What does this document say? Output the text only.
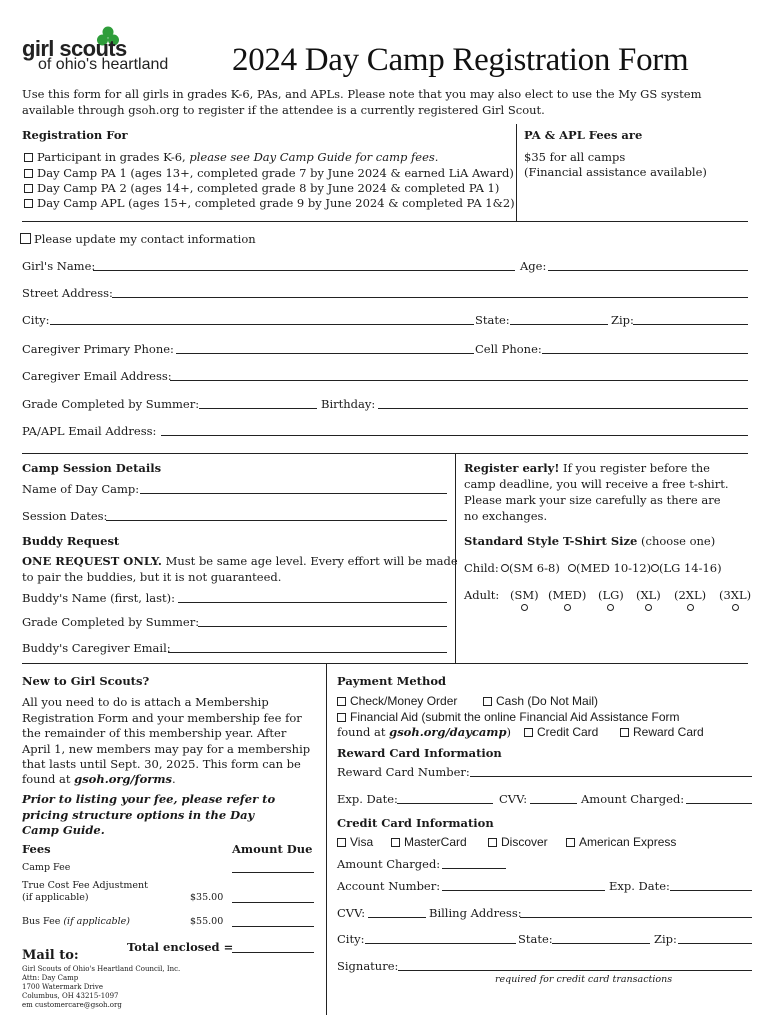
girl scouts
of ohio's heartland 2024 Day Camp Registration Form
Use this form for all girls in grades K-6, PAs, and APLs. Please note that you may also elect to use the My GS system available through gsoh.org to register if the attendee is a currently registered Girl Scout.
Registration For
Participant in grades K-6, please see Day Camp Guide for camp fees.
Day Camp PA 1 (ages 13+, completed grade 7 by June 2024 & earned LiA Award)
Day Camp PA 2 (ages 14+, completed grade 8 by June 2024 & completed PA 1)
Day Camp APL (ages 15+, completed grade 9 by June 2024 & completed PA 1&2)
PA & APL Fees are
$35 for all camps
(Financial assistance available)
Please update my contact information
Girl's Name:	Age:
Street Address:
City:	State:	Zip:
Caregiver Primary Phone:	Cell Phone:
Caregiver Email Address:
Grade Completed by Summer:	Birthday:
PA/APL Email Address:
Camp Session Details
Name of Day Camp:
Session Dates:
Buddy Request
ONE REQUEST ONLY. Must be same age level. Every effort will be made
to pair the buddies, but it is not guaranteed.
Buddy's Name (first, last):
Grade Completed by Summer:
Buddy's Caregiver Email:
Register early! If you register before the
camp deadline, you will receive a free t-shirt.
Please mark your size carefully as there are
no exchanges.
Standard Style T-Shirt Size (choose one)
Child: (SM 6-8)	(MED 10-12) (LG 14-16)
Adult: (SM) (MED) (LG) (XL) (2XL) (3XL)
New to Girl Scouts?
All you need to do is attach a Membership
Registration Form and your membership fee for
the remainder of this membership year. After
April 1, new members may pay for a membership
that lasts until Sept. 30, 2025. This form can be
found at gsoh.org/forms.
Prior to listing your fee, please refer to
pricing structure options in the Day
Camp Guide.
Fees	Amount Due
Camp Fee
True Cost Fee Adjustment
(if applicable)	$35.00
Bus Fee (if applicable)	$55.00
Total enclosed =
Mail to:
Girl Scouts of Ohio's Heartland Council, Inc.
Attn: Day Camp
1700 Watermark Drive
Columbus, OH 43215-1097
em customercare@gsoh.org
Payment Method
Check/Money Order	Cash (Do Not Mail)
Financial Aid (submit the online Financial Aid Assistance Form
found at gsoh.org/daycamp)	Credit Card	Reward Card
Reward Card Information
Reward Card Number:
Exp. Date:	CVV:	Amount Charged:
Credit Card Information
Visa	MasterCard	Discover	American Express
Amount Charged:
Account Number:	Exp. Date:
CVV:	Billing Address:
City:	State:	Zip:
Signature:
required for credit card transactions
